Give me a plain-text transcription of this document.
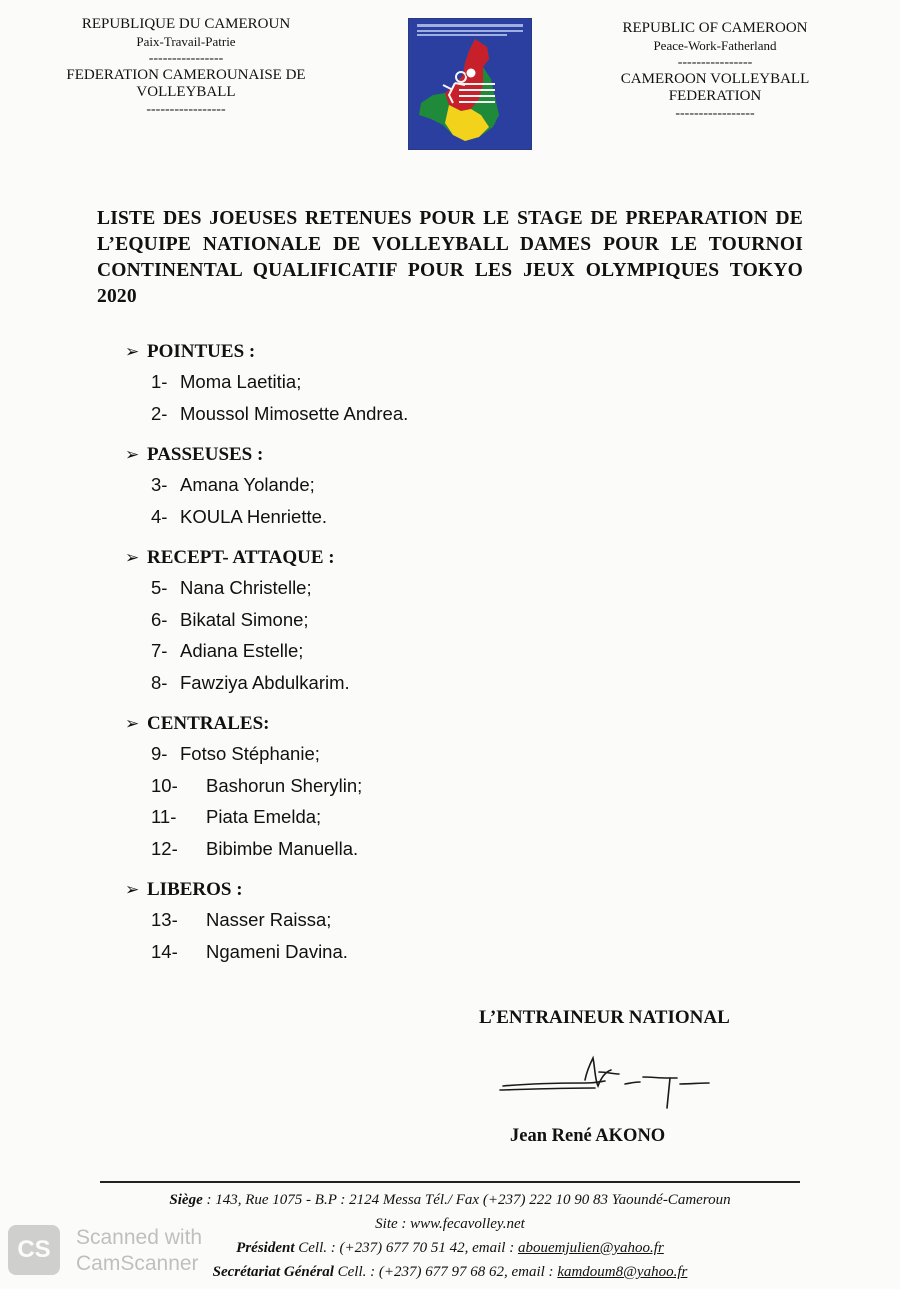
REPUBLIQUE DU CAMEROUN
Paix-Travail-Patrie
----------------
FEDERATION CAMEROUNAISE DE
VOLLEYBALL
-----------------
REPUBLIC OF CAMEROON
Peace-Work-Fatherland
----------------
CAMEROON VOLLEYBALL
FEDERATION
-----------------
LISTE DES JOEUSES RETENUES POUR LE STAGE DE PREPARATION DE L’EQUIPE NATIONALE DE VOLLEYBALL DAMES POUR LE TOURNOI CONTINENTAL QUALIFICATIF POUR LES JEUX OLYMPIQUES TOKYO 2020
➢ POINTUES :
1- Moma Laetitia;
2- Moussol Mimosette Andrea.
➢ PASSEUSES :
3- Amana Yolande;
4- KOULA Henriette.
➢ RECEPT- ATTAQUE :
5- Nana Christelle;
6- Bikatal Simone;
7- Adiana Estelle;
8- Fawziya Abdulkarim.
➢ CENTRALES:
9- Fotso Stéphanie;
10-	Bashorun Sherylin;
11-	Piata Emelda;
12-	Bibimbe Manuella.
➢ LIBEROS :
13-	Nasser Raissa;
14-	Ngameni Davina.
L’ENTRAINEUR NATIONAL
Jean René AKONO
Siège : 143, Rue 1075 - B.P : 2124 Messa Tél./ Fax (+237) 222 10 90 83 Yaoundé-Cameroun
Site : www.fecavolley.net
Président Cell. : (+237) 677 70 51 42, email : abouemjulien@yahoo.fr
Secrétariat Général Cell. : (+237) 677 97 68 62, email : kamdoum8@yahoo.fr
CS	Scanned with
CamScanner
